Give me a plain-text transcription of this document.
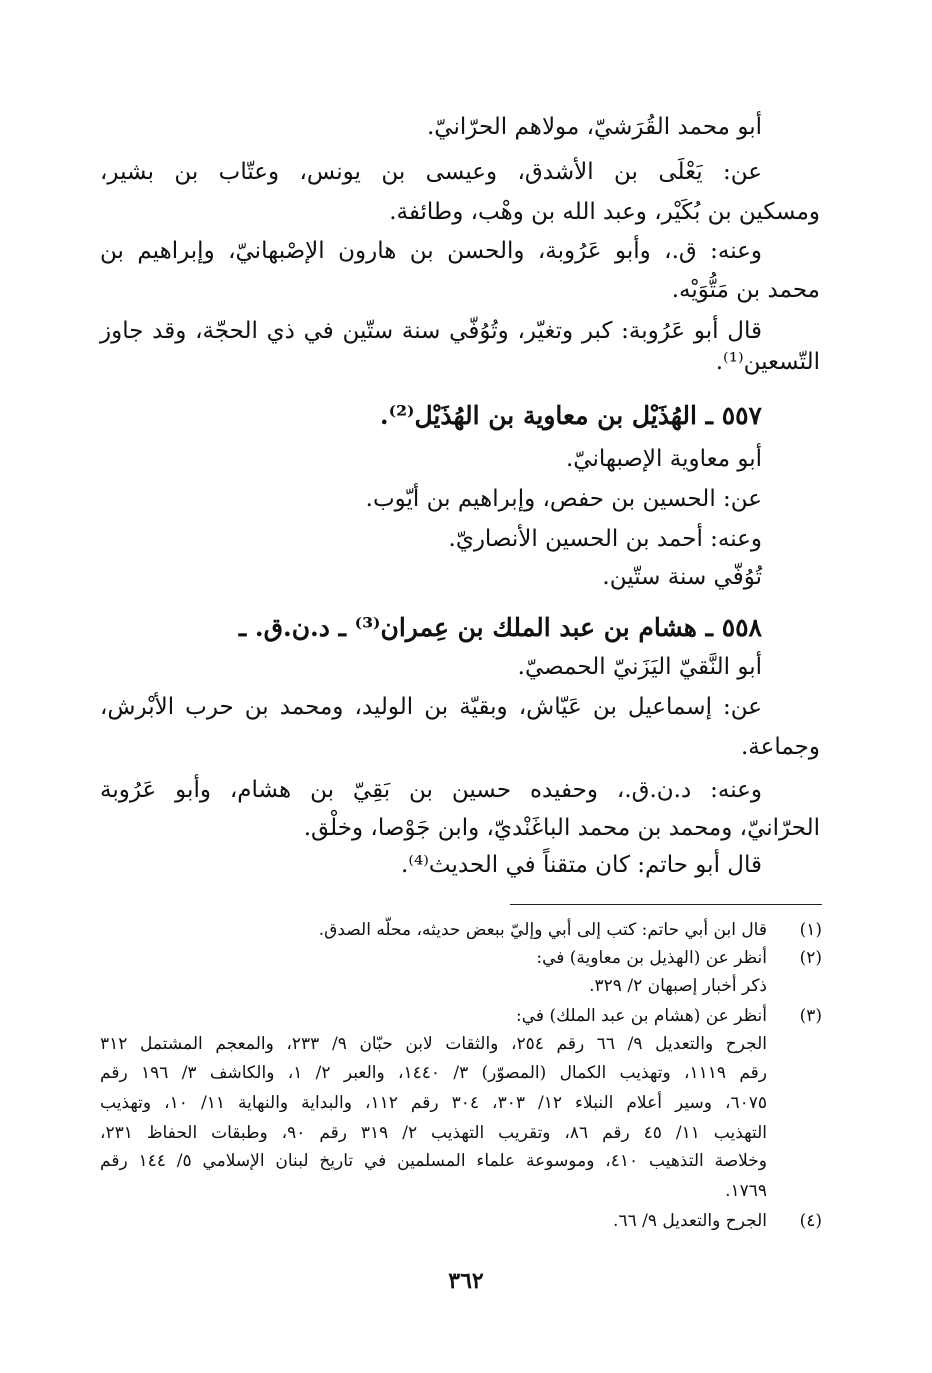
أبو محمد القُرَشيّ، مولاهم الحرّانيّ.
عن: يَعْلَى بن الأشدق، وعيسى بن يونس، وعتّاب بن بشير،
ومسكين بن بُكَيْر، وعبد الله بن وهْب، وطائفة.
وعنه: ق.، وأبو عَرُوبة، والحسن بن هارون الإصْبهانيّ، وإبراهيم بن
محمد بن مَتُّوَيْه.
قال أبو عَرُوبة: كبر وتغيّر، وتُوُفّي سنة ستّين في ذي الحجّة، وقد جاوز
التّسعين⁽¹⁾.
٥٥٧ ـ الهُذَيْل بن معاوية بن الهُذَيْل⁽²⁾.
أبو معاوية الإصبهانيّ.
عن: الحسين بن حفص، وإبراهيم بن أيّوب.
وعنه: أحمد بن الحسين الأنصاريّ.
تُوُفّي سنة ستّين.
٥٥٨ ـ هشام بن عبد الملك بن عِمران⁽³⁾ ـ د.ن.ق. ـ
أبو النَّقيّ اليَزَنيّ الحمصيّ.
عن: إسماعيل بن عَيّاش، وبقيّة بن الوليد، ومحمد بن حرب الأبْرش،
وجماعة.
وعنه: د.ن.ق.، وحفيده حسين بن بَقِيّ بن هشام، وأبو عَرُوبة
الحرّانيّ، ومحمد بن محمد الباغَنْديّ، وابن جَوْصا، وخلْق.
قال أبو حاتم: كان متقناً في الحديث⁽⁴⁾.
(١)
قال ابن أبي حاتم: كتب إلى أبي وإليّ ببعض حديثه، محلّه الصدق.
(٢)
أنظر عن (الهذيل بن معاوية) في:
ذكر أخبار إصبهان ٢/ ٣٢٩.
(٣)
أنظر عن (هشام بن عبد الملك) في:
الجرح والتعديل ٩/ ٦٦ رقم ٢٥٤، والثقات لابن حبّان ٩/ ٢٣٣، والمعجم المشتمل ٣١٢
رقم ١١١٩، وتهذيب الكمال (المصوّر) ٣/ ١٤٤٠، والعبر ٢/ ١، والكاشف ٣/ ١٩٦ رقم
٦٠٧٥، وسير أعلام النبلاء ١٢/ ٣٠٣، ٣٠٤ رقم ١١٢، والبداية والنهاية ١١/ ١٠، وتهذيب
التهذيب ١١/ ٤٥ رقم ٨٦، وتقريب التهذيب ٢/ ٣١٩ رقم ٩٠، وطبقات الحفاظ ٢٣١،
وخلاصة التذهيب ٤١٠، وموسوعة علماء المسلمين في تاريخ لبنان الإسلامي ٥/ ١٤٤ رقم
١٧٦٩.
(٤)
الجرح والتعديل ٩/ ٦٦.
٣٦٢
